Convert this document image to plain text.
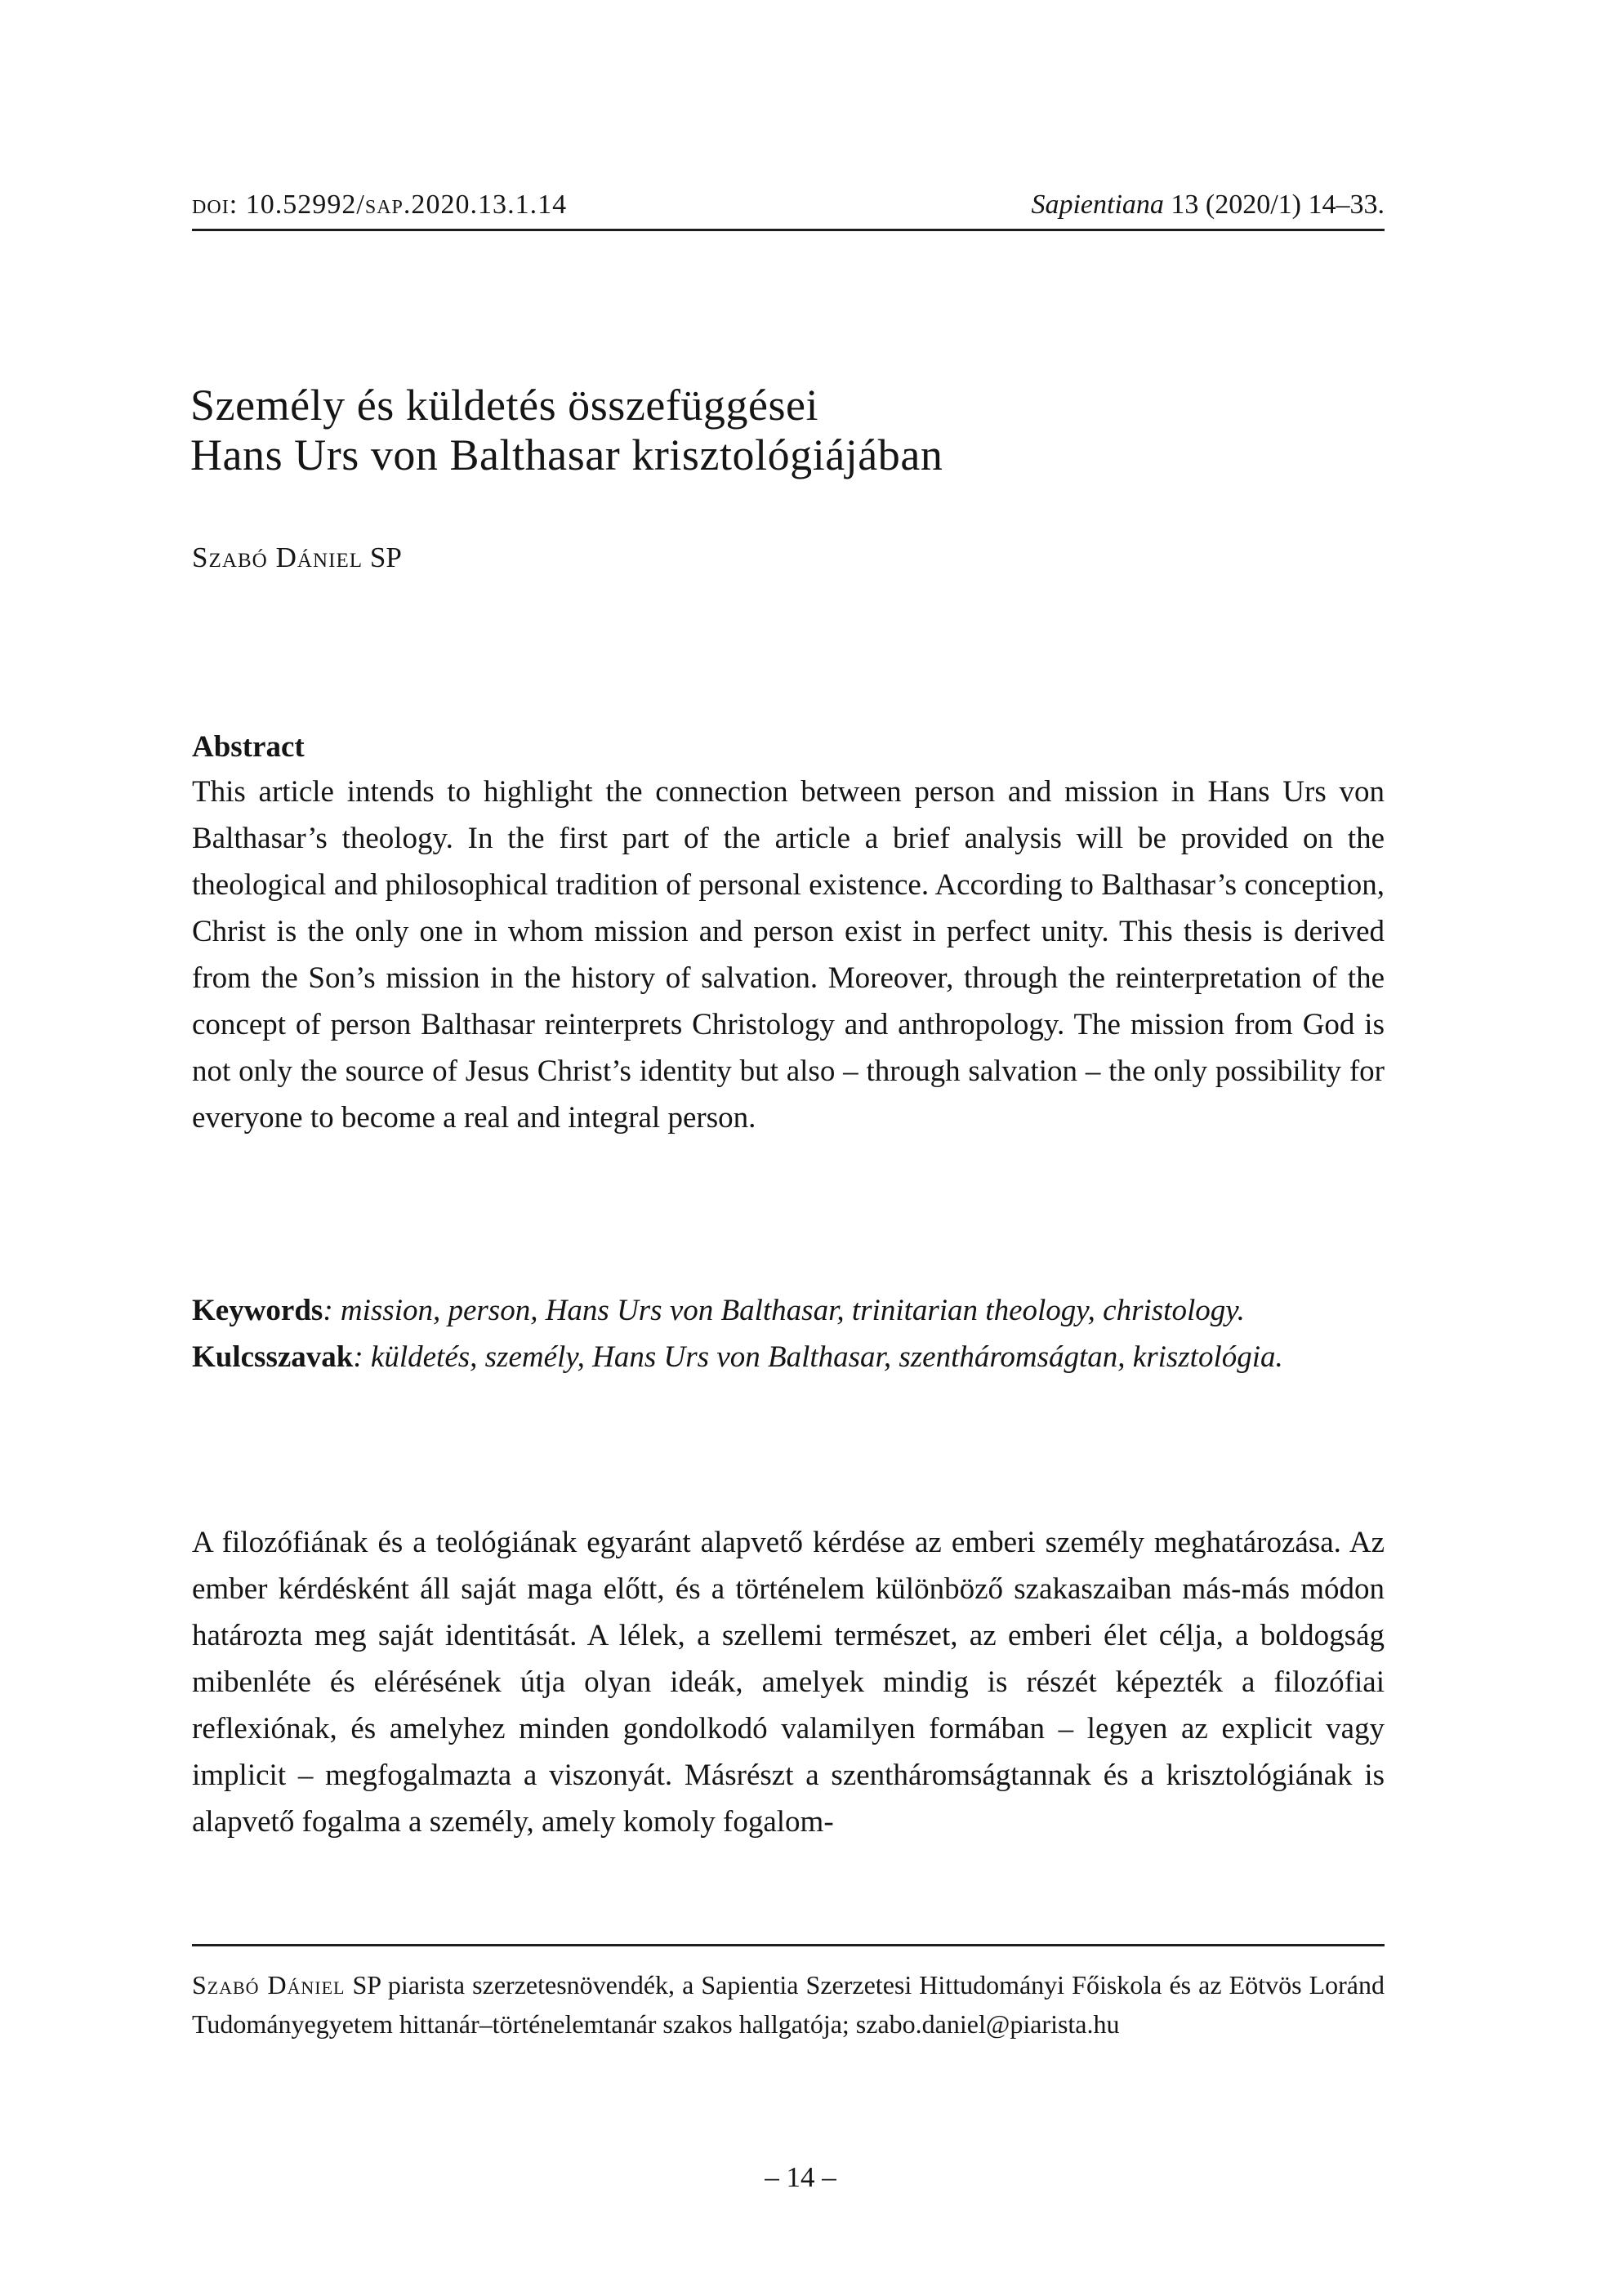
doi: 10.52992/sap.2020.13.1.14	Sapientiana 13 (2020/1) 14–33.
Személy és küldetés összefüggései
Hans Urs von Balthasar krisztológiájában
Szabó Dániel SP
Abstract

This article intends to highlight the connection between person and mission in Hans Urs von Balthasar’s theology. In the first part of the article a brief analysis will be provided on the theological and philosophical tradition of personal existence. According to Balthasar’s conception, Christ is the only one in whom mission and person exist in perfect unity. This thesis is derived from the Son’s mission in the history of salvation. Moreover, through the reinterpretation of the concept of person Balthasar reinterprets Christology and anthropology. The mission from God is not only the source of Jesus Christ’s identity but also – through salvation – the only possibility for everyone to become a real and integral person.

Keywords: mission, person, Hans Urs von Balthasar, trinitarian theology, christology.

Kulcsszavak: küldetés, személy, Hans Urs von Balthasar, szentháromságtan, krisztológia.

A filozófiának és a teológiának egyaránt alapvető kérdése az emberi személy meghatározása. Az ember kérdésként áll saját maga előtt, és a történelem különböző szakaszaiban más-más módon határozta meg saját identitását. A lélek, a szellemi természet, az emberi élet célja, a boldogság mibenléte és elérésének útja olyan ideák, amelyek mindig is részét képezték a filozófiai reflexiónak, és amelyhez minden gondolkodó valamilyen formában – legyen az explicit vagy implicit – megfogalmazta a viszonyát. Másrészt a szentháromságtannak és a krisztológiának is alapvető fogalma a személy, amely komoly fogalom-

Szabó Dániel SP piarista szerzetesnövendék, a Sapientia Szerzetesi Hittudományi Főiskola és az Eötvös Loránd Tudományegyetem hittanár–történelemtanár szakos hallgatója; szabo.daniel@piarista.hu

– 14 –
